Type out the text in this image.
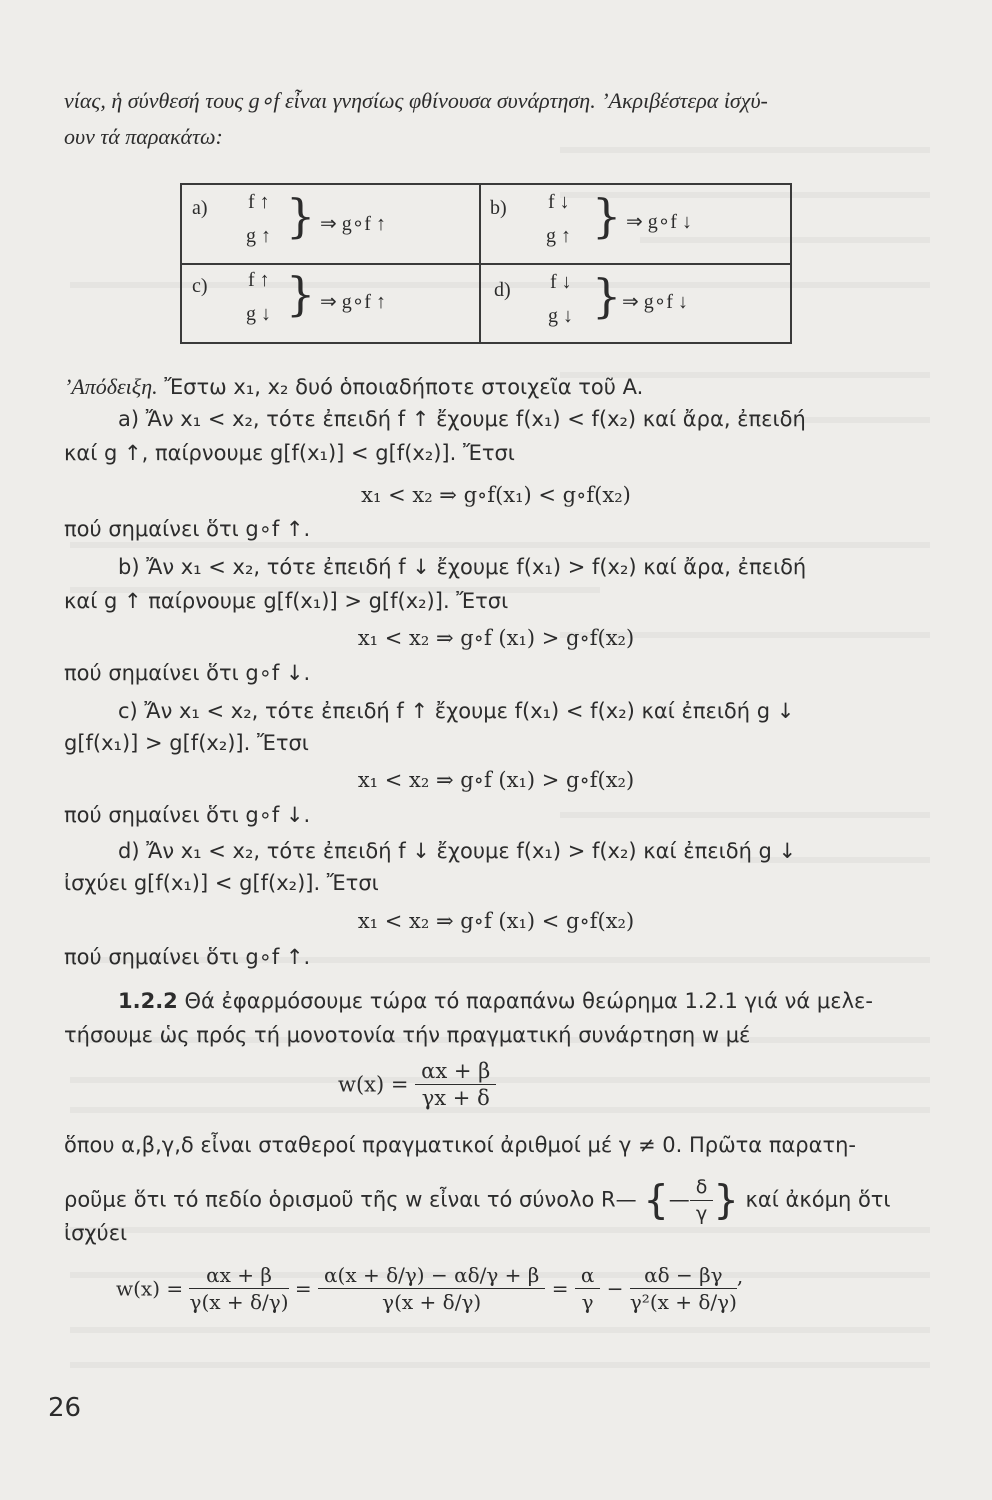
νίας, ἡ σύνθεσή τους g∘f εἶναι γνησίως φθίνουσα συνάρτηση. ’Ακριβέστερα ἰσχύ-
ουν τά παρακάτω:
a) f ↑
g ↑ } ⇒ g∘f ↑
b) f ↓
g ↑ } ⇒ g∘f ↓
c) f ↑
g ↓ } ⇒ g∘f ↑
d) f ↓
g ↓ } ⇒ g∘f ↓
’Απόδειξη. Ἔστω x₁, x₂ δυό ὁποιαδήποτε στοιχεῖα τοῦ A.
a) Ἄν x₁ < x₂, τότε ἐπειδή f ↑ ἔχουμε f(x₁) < f(x₂) καί ἄρα, ἐπειδή
καί g ↑, παίρνουμε g[f(x₁)] < g[f(x₂)]. Ἔτσι
x₁ < x₂ ⇒ g∘f(x₁) < g∘f(x₂)
πού σημαίνει ὅτι g∘f ↑.
b) Ἄν x₁ < x₂, τότε ἐπειδή f ↓ ἔχουμε f(x₁) > f(x₂) καί ἄρα, ἐπειδή
καί g ↑ παίρνουμε g[f(x₁)] > g[f(x₂)]. Ἔτσι
x₁ < x₂ ⇒ g∘f (x₁) > g∘f(x₂)
πού σημαίνει ὅτι g∘f ↓.
c) Ἄν x₁ < x₂, τότε ἐπειδή f ↑ ἔχουμε f(x₁) < f(x₂) καί ἐπειδή g ↓
g[f(x₁)] > g[f(x₂)]. Ἔτσι
x₁ < x₂ ⇒ g∘f (x₁) > g∘f(x₂)
πού σημαίνει ὅτι g∘f ↓.
d) Ἄν x₁ < x₂, τότε ἐπειδή f ↓ ἔχουμε f(x₁) > f(x₂) καί ἐπειδή g ↓
ἰσχύει g[f(x₁)] < g[f(x₂)]. Ἔτσι
x₁ < x₂ ⇒ g∘f (x₁) < g∘f(x₂)
πού σημαίνει ὅτι g∘f ↑.
1.2.2 Θά ἐφαρμόσουμε τώρα τό παραπάνω θεώρημα 1.2.1 γιά νά μελε-
τήσουμε ὡς πρός τή μονοτονία τήν πραγματική συνάρτηση w μέ
$w(x) = \frac{\alpha x + \beta}{\gamma x + \delta}$
ὅπου α,β,γ,δ εἶναι σταθεροί πραγματικοί ἀριθμοί μέ γ ≠ 0. Πρῶτα παρατη-
ροῦμε ὅτι τό πεδίο ὁρισμοῦ τῆς w εἶναι τό σύνολο R— {— $\frac{\delta}{\gamma}$ } καί ἀκόμη ὅτι
ἰσχύει
$w(x) = \frac{\alpha x + \beta}{\gamma(x + \delta/\gamma)} = \frac{\alpha(x + \delta/\gamma) - \alpha\delta/\gamma + \beta}{\gamma(x + \delta/\gamma)} = \frac{\alpha}{\gamma} - \frac{\alpha\delta - \beta\gamma}{\text{γ²(x + δ/γ)}}$ ,
26
